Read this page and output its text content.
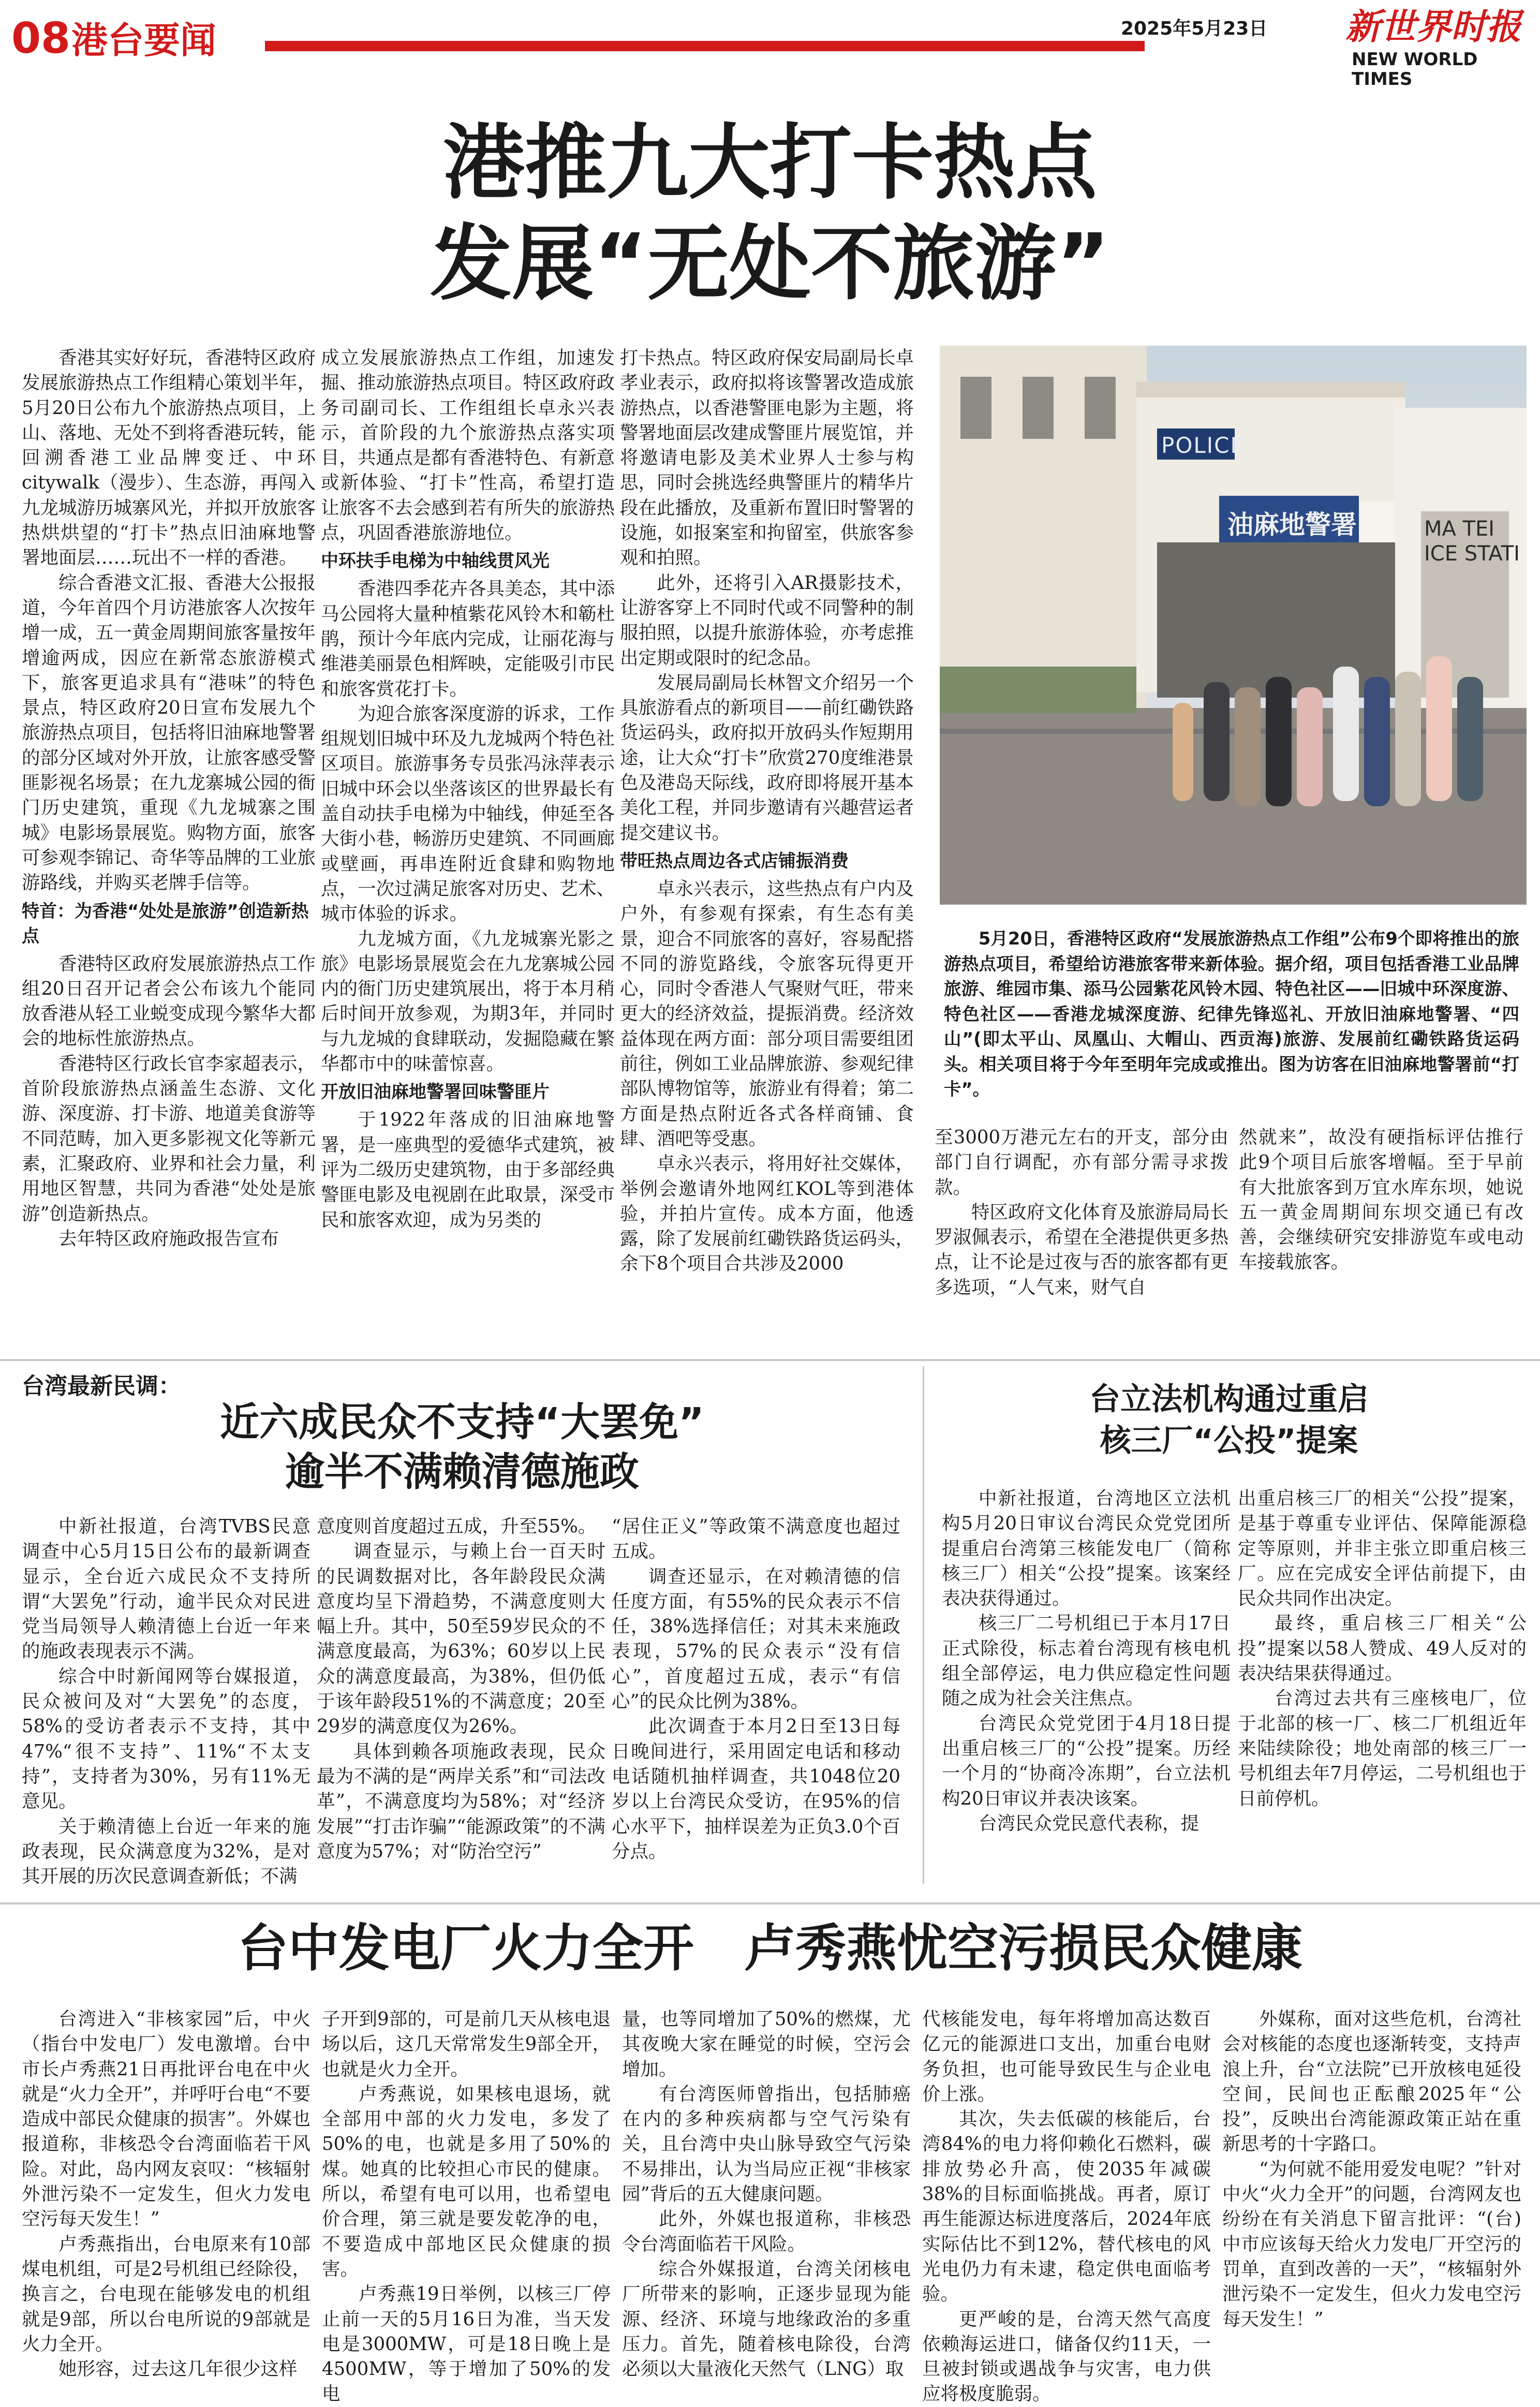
08 港台要闻	2025年5月23日 新世界时报
NEW WORLD TIMES
港推九大打卡热点
发展“无处不旅游”

香港其实好好玩，香港特区政府发展旅游热点工作组精心策划半年，5月20日公布九个旅游热点项目，上山、落地、无处不到将香港玩转，能回溯香港工业品牌变迁、中环citywalk（漫步）、生态游，再闯入九龙城游历城寨风光，并拟开放旅客热烘烘望的“打卡”热点旧油麻地警署地面层……玩出不一样的香港。

综合香港文汇报、香港大公报报道，今年首四个月访港旅客人次按年增一成，五一黄金周期间旅客量按年增逾两成，因应在新常态旅游模式下，旅客更追求具有“港味”的特色景点，特区政府20日宣布发展九个旅游热点项目，包括将旧油麻地警署的部分区域对外开放，让旅客感受警匪影视名场景；在九龙寨城公园的衙门历史建筑，重现《九龙城寨之围城》电影场景展览。购物方面，旅客可参观李锦记、奇华等品牌的工业旅游路线，并购买老牌手信等。

特首：为香港“处处是旅游”创造新热点

香港特区政府发展旅游热点工作组20日召开记者会公布该九个能同放香港从轻工业蜕变成现今繁华大都会的地标性旅游热点。

香港特区行政长官李家超表示，首阶段旅游热点涵盖生态游、文化游、深度游、打卡游、地道美食游等不同范畴，加入更多影视文化等新元素，汇聚政府、业界和社会力量，利用地区智慧，共同为香港“处处是旅游”创造新热点。

去年特区政府施政报告宣布

成立发展旅游热点工作组，加速发掘、推动旅游热点项目。特区政府政务司副司长、工作组组长卓永兴表示，首阶段的九个旅游热点落实项目，共通点是都有香港特色、有新意或新体验、“打卡”性高，希望打造让旅客不去会感到若有所失的旅游热点，巩固香港旅游地位。

中环扶手电梯为中轴线贯风光

香港四季花卉各具美态，其中添马公园将大量种植紫花风铃木和簕杜鹃，预计今年底内完成，让丽花海与维港美丽景色相辉映，定能吸引市民和旅客赏花打卡。

为迎合旅客深度游的诉求，工作组规划旧城中环及九龙城两个特色社区项目。旅游事务专员张冯泳萍表示旧城中环会以坐落该区的世界最长有盖自动扶手电梯为中轴线，伸延至各大街小巷，畅游历史建筑、不同画廊或壁画，再串连附近食肆和购物地点，一次过满足旅客对历史、艺术、城市体验的诉求。

九龙城方面，《九龙城寨光影之旅》电影场景展览会在九龙寨城公园内的衙门历史建筑展出，将于本月稍后时间开放参观，为期3年，并同时与九龙城的食肆联动，发掘隐藏在繁华都市中的味蕾惊喜。

开放旧油麻地警署回味警匪片

于1922年落成的旧油麻地警署，是一座典型的爱德华式建筑，被评为二级历史建筑物，由于多部经典警匪电影及电视剧在此取景，深受市民和旅客欢迎，成为另类的

打卡热点。特区政府保安局副局长卓孝业表示，政府拟将该警署改造成旅游热点，以香港警匪电影为主题，将警署地面层改建成警匪片展览馆，并将邀请电影及美术业界人士参与构思，同时会挑选经典警匪片的精华片段在此播放，及重新布置旧时警署的设施，如报案室和拘留室，供旅客参观和拍照。

此外，还将引入AR摄影技术，让游客穿上不同时代或不同警种的制服拍照，以提升旅游体验，亦考虑推出定期或限时的纪念品。

发展局副局长林智文介绍另一个具旅游看点的新项目——前红磡铁路货运码头，政府拟开放码头作短期用途，让大众“打卡”欣赏270度维港景色及港岛天际线，政府即将展开基本美化工程，并同步邀请有兴趣营运者提交建议书。

带旺热点周边各式店铺振消费

卓永兴表示，这些热点有户内及户外，有参观有探索，有生态有美景，迎合不同旅客的喜好，容易配搭不同的游览路线，令旅客玩得更开心，同时令香港人气聚财气旺，带来更大的经济效益，提振消费。经济效益体现在两方面：部分项目需要组团前往，例如工业品牌旅游、参观纪律部队博物馆等，旅游业有得着；第二方面是热点附近各式各样商铺、食肆、酒吧等受惠。

卓永兴表示，将用好社交媒体，举例会邀请外地网红KOL等到港体验，并拍片宣传。成本方面，他透露，除了发展前红磡铁路货运码头，余下8个项目合共涉及2000

POLICE
油麻地警署	MA TEI
ICE STATI
5月20日，香港特区政府“发展旅游热点工作组”公布9个即将推出的旅游热点项目，希望给访港旅客带来新体验。据介绍，项目包括香港工业品牌旅游、维园市集、添马公园紫花风铃木园、特色社区——旧城中环深度游、特色社区——香港龙城深度游、纪律先锋巡礼、开放旧油麻地警署、“四山”(即太平山、凤凰山、大帽山、西贡海)旅游、发展前红磡铁路货运码头。相关项目将于今年至明年完成或推出。图为访客在旧油麻地警署前“打卡”。

至3000万港元左右的开支，部分由部门自行调配，亦有部分需寻求拨款。

特区政府文化体育及旅游局局长罗淑佩表示，希望在全港提供更多热点，让不论是过夜与否的旅客都有更多选项，“人气来，财气自

然就来”，故没有硬指标评估推行此9个项目后旅客增幅。至于早前有大批旅客到万宜水库东坝，她说五一黄金周期间东坝交通已有改善，会继续研究安排游览车或电动车接载旅客。

台湾最新民调：
近六成民众不支持“大罢免”
逾半不满赖清德施政

中新社报道，台湾TVBS民意调查中心5月15日公布的最新调查显示，全台近六成民众不支持所谓“大罢免”行动，逾半民众对民进党当局领导人赖清德上台近一年来的施政表现表示不满。

综合中时新闻网等台媒报道，民众被问及对“大罢免”的态度，58%的受访者表示不支持，其中47%“很不支持”、11%“不太支持”，支持者为30%，另有11%无意见。

关于赖清德上台近一年来的施政表现，民众满意度为32%，是对其开展的历次民意调查新低；不满

意度则首度超过五成，升至55%。

调查显示，与赖上台一百天时的民调数据对比，各年龄段民众满意度均呈下滑趋势，不满意度则大幅上升。其中，50至59岁民众的不满意度最高，为63%；60岁以上民众的满意度最高，为38%，但仍低于该年龄段51%的不满意度；20至29岁的满意度仅为26%。

具体到赖各项施政表现，民众最为不满的是“两岸关系”和“司法改革”，不满意度均为58%；对“经济发展”“打击诈骗”“能源政策”的不满意度为57%；对“防治空污”

“居住正义”等政策不满意度也超过五成。

调查还显示，在对赖清德的信任度方面，有55%的民众表示不信任，38%选择信任；对其未来施政表现，57%的民众表示“没有信心”，首度超过五成，表示“有信心”的民众比例为38%。

此次调查于本月2日至13日每日晚间进行，采用固定电话和移动电话随机抽样调查，共1048位20岁以上台湾民众受访，在95%的信心水平下，抽样误差为正负3.0个百分点。

台立法机构通过重启
核三厂“公投”提案

中新社报道，台湾地区立法机构5月20日审议台湾民众党党团所提重启台湾第三核能发电厂（简称核三厂）相关“公投”提案。该案经表决获得通过。

核三厂二号机组已于本月17日正式除役，标志着台湾现有核电机组全部停运，电力供应稳定性问题随之成为社会关注焦点。

台湾民众党党团于4月18日提出重启核三厂的“公投”提案。历经一个月的“协商冷冻期”，台立法机构20日审议并表决该案。

台湾民众党民意代表称，提

出重启核三厂的相关“公投”提案，是基于尊重专业评估、保障能源稳定等原则，并非主张立即重启核三厂。应在完成安全评估前提下，由民众共同作出决定。

最终，重启核三厂相关“公投”提案以58人赞成、49人反对的表决结果获得通过。

台湾过去共有三座核电厂，位于北部的核一厂、核二厂机组近年来陆续除役；地处南部的核三厂一号机组去年7月停运，二号机组也于日前停机。

台中发电厂火力全开　卢秀燕忧空污损民众健康

台湾进入“非核家园”后，中火（指台中发电厂）发电激增。台中市长卢秀燕21日再批评台电在中火就是“火力全开”，并呼吁台电“不要造成中部民众健康的损害”。外媒也报道称，非核恐令台湾面临若干风险。对此，岛内网友哀叹：“核辐射外泄污染不一定发生，但火力发电空污每天发生！”

卢秀燕指出，台电原来有10部煤电机组，可是2号机组已经除役，换言之，台电现在能够发电的机组就是9部，所以台电所说的9部就是火力全开。

她形容，过去这几年很少这样

子开到9部的，可是前几天从核电退场以后，这几天常常发生9部全开，也就是火力全开。

卢秀燕说，如果核电退场，就全部用中部的火力发电，多发了50%的电，也就是多用了50%的煤。她真的比较担心市民的健康。所以，希望有电可以用，也希望电价合理，第三就是要发乾净的电，不要造成中部地区民众健康的损害。

卢秀燕19日举例，以核三厂停止前一天的5月16日为准，当天发电是3000MW，可是18日晚上是4500MW，等于增加了50%的发电

量，也等同增加了50%的燃煤，尤其夜晚大家在睡觉的时候，空污会增加。

有台湾医师曾指出，包括肺癌在内的多种疾病都与空气污染有关，且台湾中央山脉导致空气污染不易排出，认为当局应正视“非核家园”背后的五大健康问题。

此外，外媒也报道称，非核恐令台湾面临若干风险。

综合外媒报道，台湾关闭核电厂所带来的影响，正逐步显现为能源、经济、环境与地缘政治的多重压力。首先，随着核电除役，台湾必须以大量液化天然气（LNG）取

代核能发电，每年将增加高达数百亿元的能源进口支出，加重台电财务负担，也可能导致民生与企业电价上涨。

其次，失去低碳的核能后，台湾84%的电力将仰赖化石燃料，碳排放势必升高，使2035年减碳38%的目标面临挑战。再者，原订再生能源达标进度落后，2024年底实际估比不到12%，替代核电的风光电仍力有未逮，稳定供电面临考验。

更严峻的是，台湾天然气高度依赖海运进口，储备仅约11天，一旦被封锁或遇战争与灾害，电力供应将极度脆弱。

外媒称，面对这些危机，台湾社会对核能的态度也逐渐转变，支持声浪上升，台“立法院”已开放核电延役空间，民间也正酝酿2025年“公投”，反映出台湾能源政策正站在重新思考的十字路口。

“为何就不能用爱发电呢？”针对中火“火力全开”的问题，台湾网友也纷纷在有关消息下留言批评：“(台)中市应该每天给火力发电厂开空污的罚单，直到改善的一天”，“核辐射外泄污染不一定发生，但火力发电空污每天发生！”
